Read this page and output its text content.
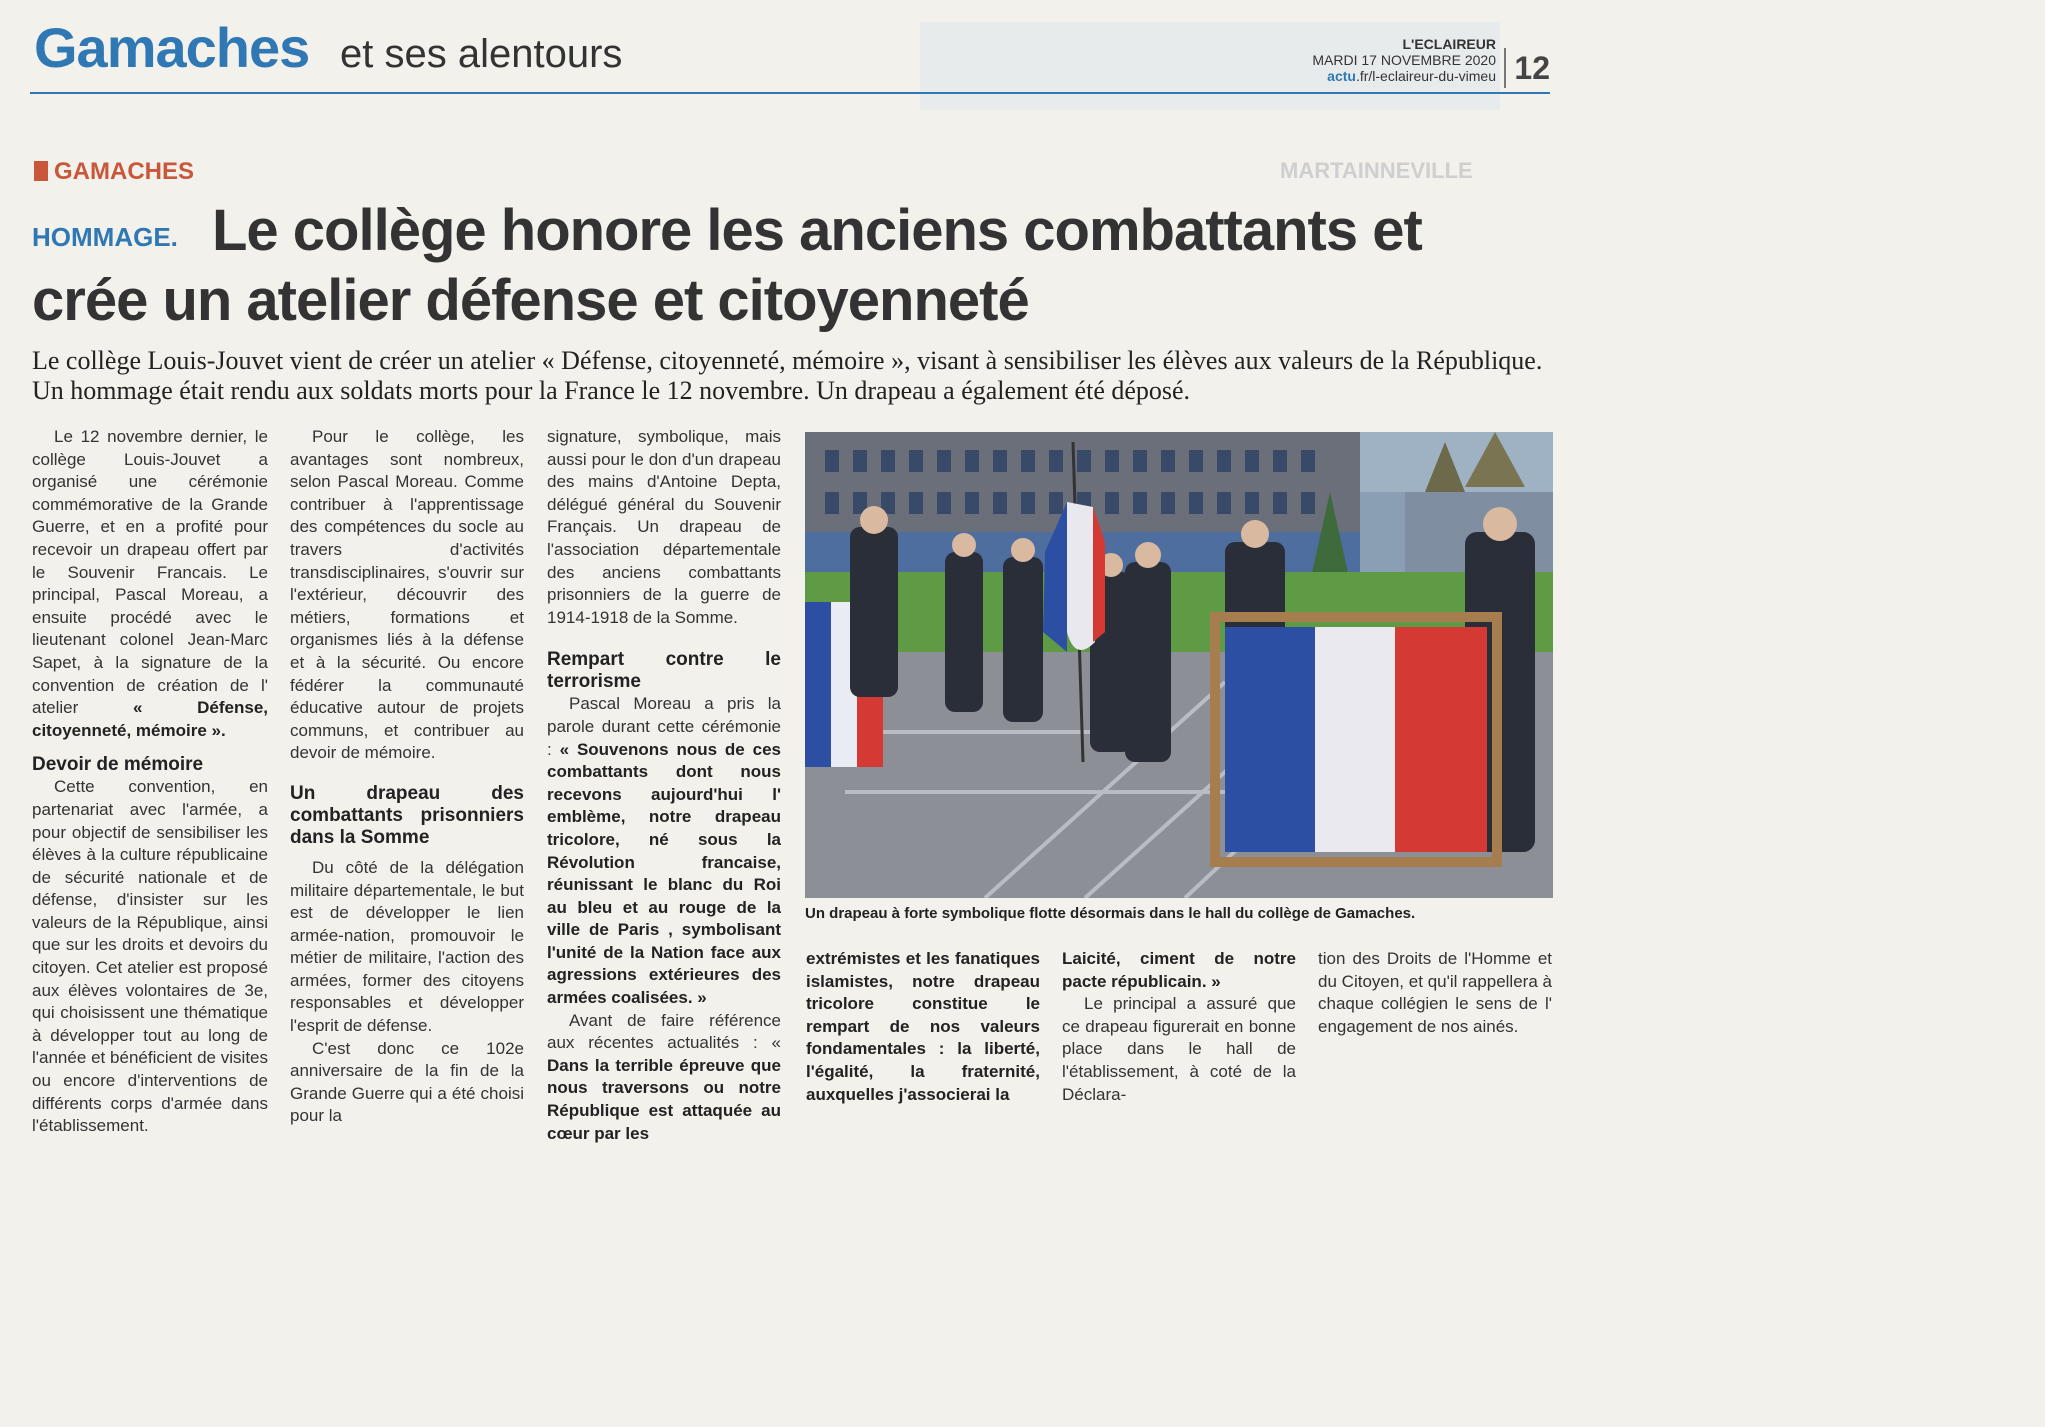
Gamaches et ses alentours	L'ECLAIREUR
MARDI 17 NOVEMBRE 2020
actu.fr/l-eclaireur-du-vimeu 12
GAMACHES	MARTAINNEVILLE
Le collège honore les anciens combattants et crée un atelier défense et citoyenneté
HOMMAGE.
Le collège Louis-Jouvet vient de créer un atelier « Défense, citoyenneté, mémoire », visant à sensibiliser les élèves aux valeurs de la République. Un hommage était rendu aux soldats morts pour la France le 12 novembre. Un drapeau a également été déposé.

Le 12 novembre dernier, le collège Louis-Jouvet a organisé une cérémonie commémorative de la Grande Guerre, et en a profité pour recevoir un drapeau offert par le Souvenir Francais. Le principal, Pascal Moreau, a ensuite procédé avec le lieutenant colonel Jean-Marc Sapet, à la signature de la convention de création de l' atelier « Défense, citoyenneté, mémoire ».

Devoir de mémoire

Cette convention, en partenariat avec l'armée, a pour objectif de sensibiliser les élèves à la culture républicaine de sécurité nationale et de défense, d'insister sur les valeurs de la République, ainsi que sur les droits et devoirs du citoyen. Cet atelier est proposé aux élèves volontaires de 3e, qui choisissent une thématique à développer tout au long de l'année et bénéficient de visites ou encore d'interventions de différents corps d'armée dans l'établissement.

Pour le collège, les avantages sont nombreux, selon Pascal Moreau. Comme contribuer à l'apprentissage des compétences du socle au travers d'activités transdisciplinaires, s'ouvrir sur l'extérieur, découvrir des métiers, formations et organismes liés à la défense et à la sécurité. Ou encore fédérer la communauté éducative autour de projets communs, et contribuer au devoir de mémoire.

Un drapeau des combattants prisonniers dans la Somme

Du côté de la délégation militaire départementale, le but est de développer le lien armée-nation, promouvoir le métier de militaire, l'action des armées, former des citoyens responsables et développer l'esprit de défense.

C'est donc ce 102e anniversaire de la fin de la Grande Guerre qui a été choisi pour la

signature, symbolique, mais aussi pour le don d'un drapeau des mains d'Antoine Depta, délégué général du Souvenir Français. Un drapeau de l'association départementale des anciens combattants prisonniers de la guerre de 1914-1918 de la Somme.

Rempart contre le terrorisme

Pascal Moreau a pris la parole durant cette cérémonie : « Souvenons nous de ces combattants dont nous recevons aujourd'hui l' emblème, notre drapeau tricolore, né sous la Révolution francaise, réunissant le blanc du Roi au bleu et au rouge de la ville de Paris , symbolisant l'unité de la Nation face aux agressions extérieures des armées coalisées. »

Avant de faire référence aux récentes actualités : « Dans la terrible épreuve que nous traversons ou notre République est attaquée au cœur par les

Un drapeau à forte symbolique flotte désormais dans le hall du collège de Gamaches.

extrémistes et les fanatiques islamistes, notre drapeau tricolore constitue le rempart de nos valeurs fondamentales : la liberté, l'égalité, la fraternité, auxquelles j'associerai la

Laicité, ciment de notre pacte républicain. »

Le principal a assuré que ce drapeau figurerait en bonne place dans le hall de l'établissement, à coté de la Déclara-

tion des Droits de l'Homme et du Citoyen, et qu'il rappellera à chaque collégien le sens de l' engagement de nos ainés.
